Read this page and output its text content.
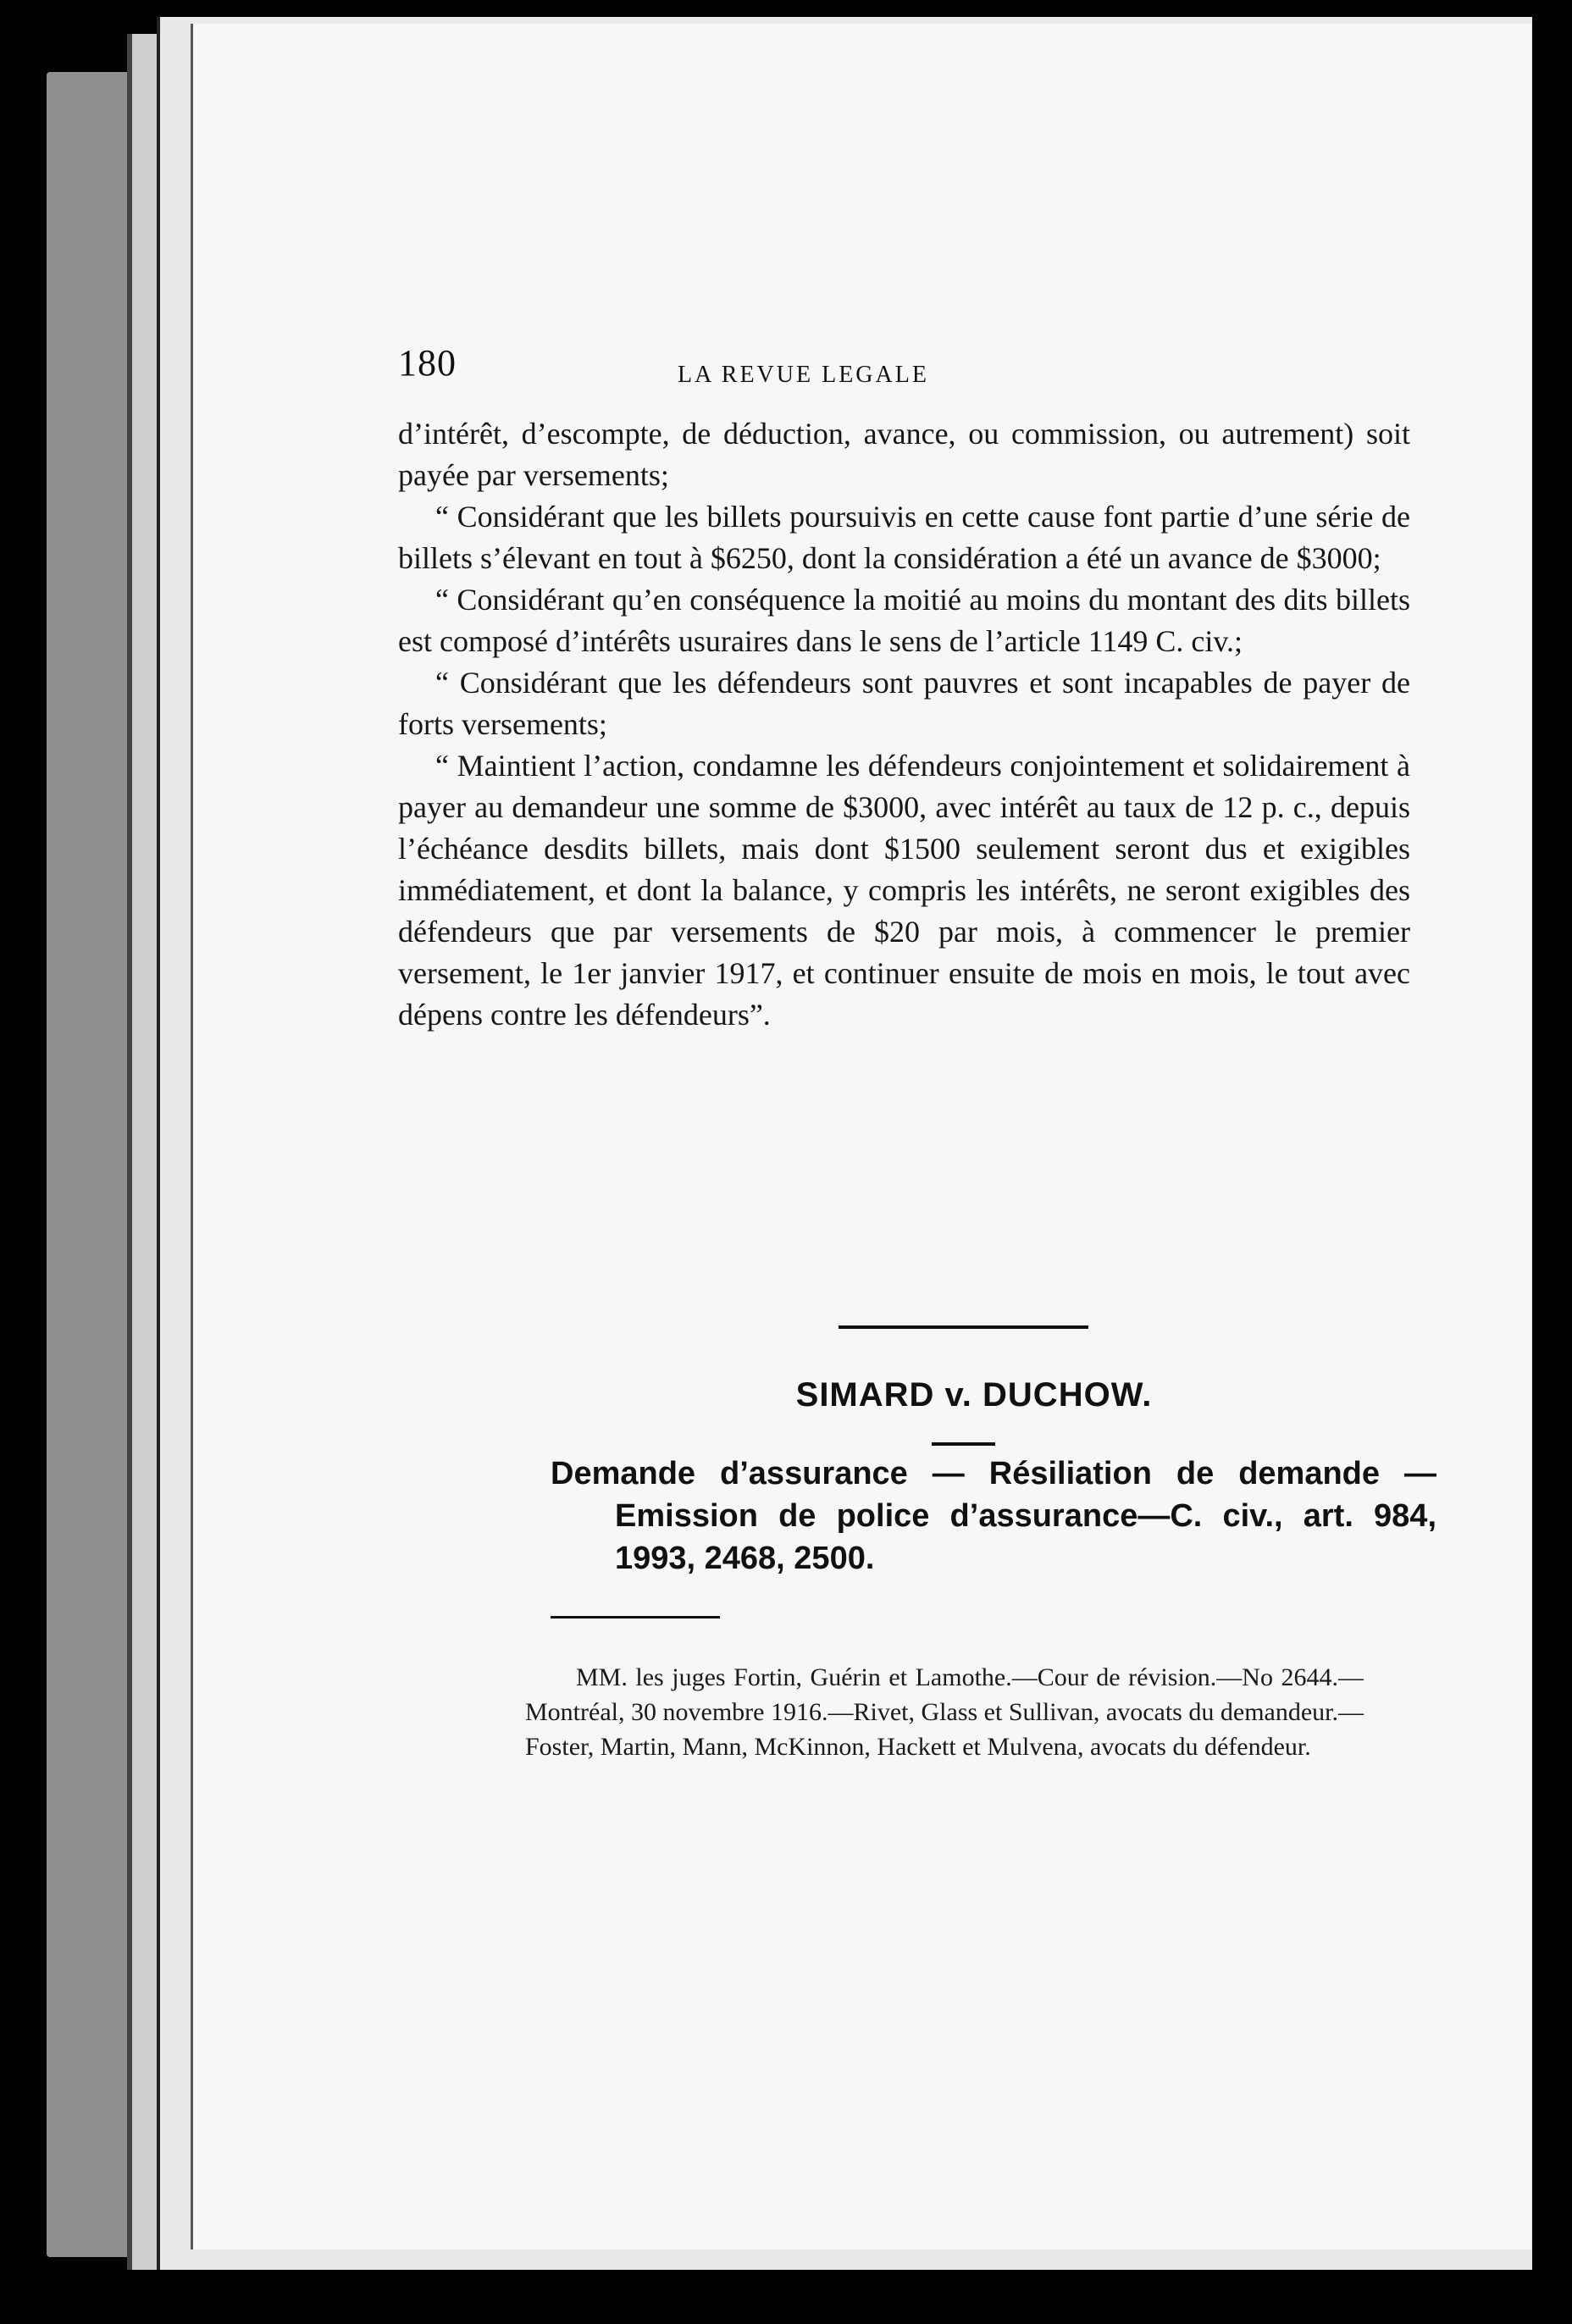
180	LA REVUE LEGALE

d’intérêt, d’escompte, de déduction, avance, ou commission, ou autrement) soit payée par versements;

“ Considérant que les billets poursuivis en cette cause font partie d’une série de billets s’élevant en tout à $6250, dont la considération a été un avance de $3000;

“ Considérant qu’en conséquence la moitié au moins du montant des dits billets est composé d’intérêts usuraires dans le sens de l’article 1149 C. civ.;

“ Considérant que les défendeurs sont pauvres et sont incapables de payer de forts versements;

“ Maintient l’action, condamne les défendeurs conjointement et solidairement à payer au demandeur une somme de $3000, avec intérêt au taux de 12 p. c., depuis l’échéance desdits billets, mais dont $1500 seulement seront dus et exigibles immédiatement, et dont la balance, y compris les intérêts, ne seront exigibles des défendeurs que par versements de $20 par mois, à commencer le premier versement, le 1er janvier 1917, et continuer ensuite de mois en mois, le tout avec dépens contre les défendeurs”.

SIMARD v. DUCHOW.
Demande d’assurance — Résiliation de demande — Emission de police d’assurance—C. civ., art. 984, 1993, 2468, 2500.
MM. les juges Fortin, Guérin et Lamothe.—Cour de révision.—No 2644.—Montréal, 30 novembre 1916.—Rivet, Glass et Sullivan, avocats du demandeur.—Foster, Martin, Mann, McKinnon, Hackett et Mulvena, avocats du défendeur.
